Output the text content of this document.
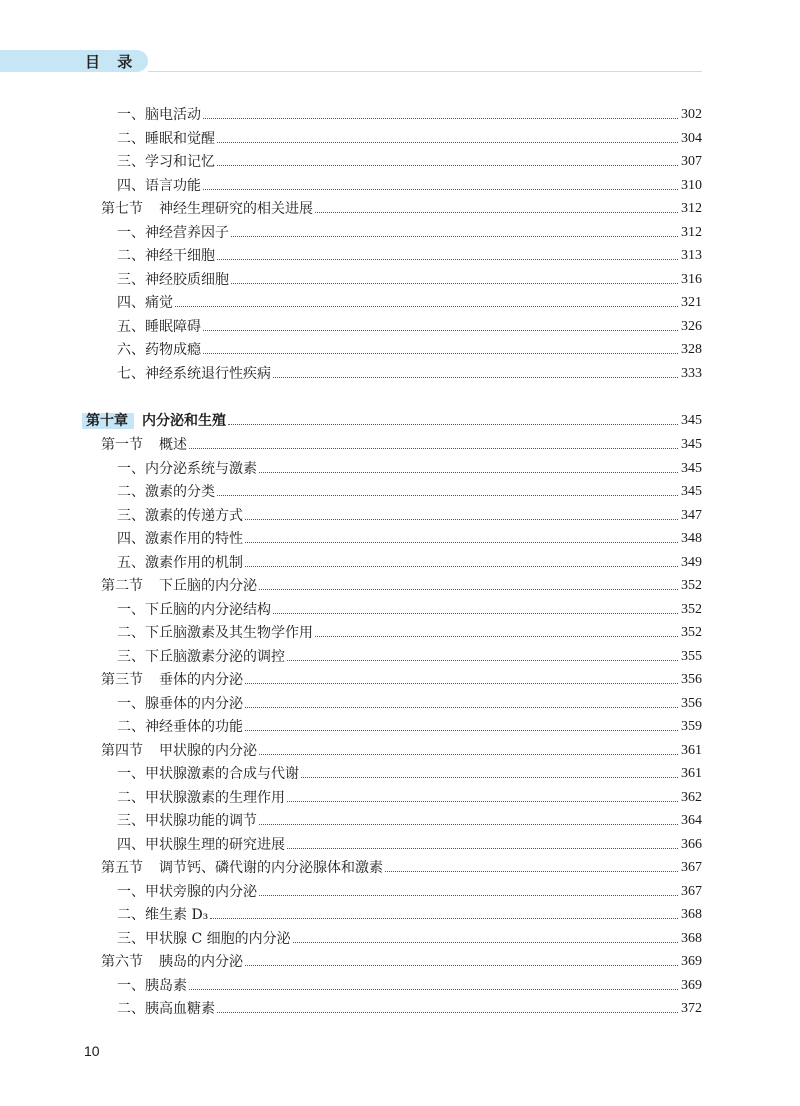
目 录
一、脑电活动	302
二、睡眠和觉醒	304
三、学习和记忆	307
四、语言功能	310
第七节 神经生理研究的相关进展	312
一、神经营养因子	312
二、神经干细胞	313
三、神经胶质细胞	316
四、痛觉	321
五、睡眠障碍	326
六、药物成瘾	328
七、神经系统退行性疾病	333
第十章 内分泌和生殖	345
第一节 概述	345
一、内分泌系统与激素	345
二、激素的分类	345
三、激素的传递方式	347
四、激素作用的特性	348
五、激素作用的机制	349
第二节 下丘脑的内分泌	352
一、下丘脑的内分泌结构	352
二、下丘脑激素及其生物学作用	352
三、下丘脑激素分泌的调控	355
第三节 垂体的内分泌	356
一、腺垂体的内分泌	356
二、神经垂体的功能	359
第四节 甲状腺的内分泌	361
一、甲状腺激素的合成与代谢	361
二、甲状腺激素的生理作用	362
三、甲状腺功能的调节	364
四、甲状腺生理的研究进展	366
第五节 调节钙、磷代谢的内分泌腺体和激素	367
一、甲状旁腺的内分泌	367
二、维生素 D₃	368
三、甲状腺 C 细胞的内分泌	368
第六节 胰岛的内分泌	369
一、胰岛素	369
二、胰高血糖素	372
10
